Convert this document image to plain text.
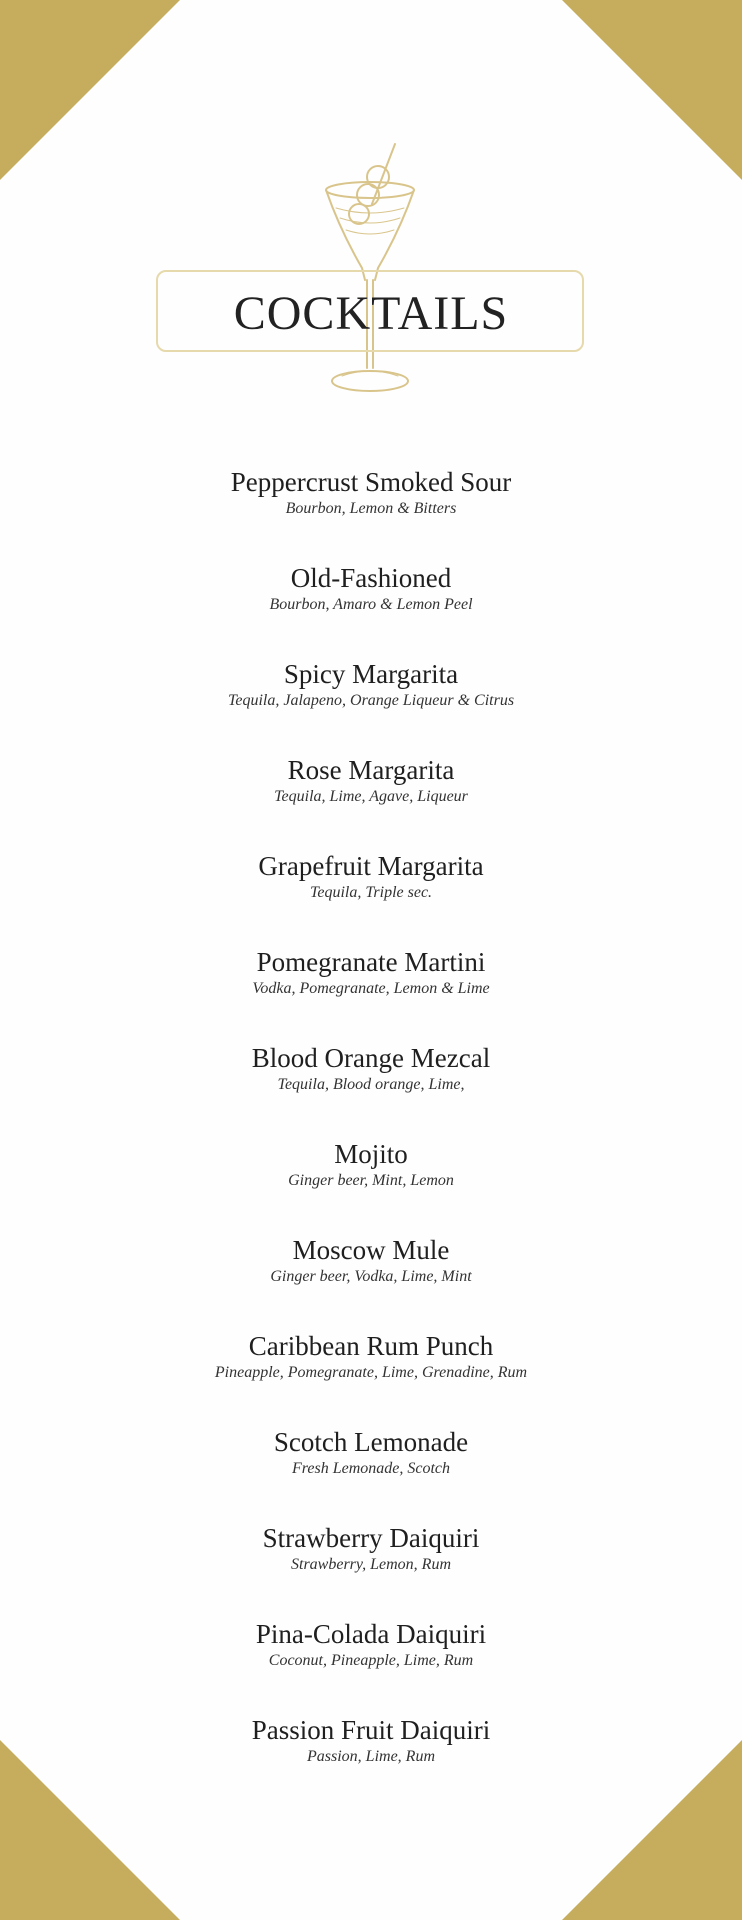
COCKTAILS
Peppercrust Smoked Sour
Bourbon, Lemon & Bitters
Old-Fashioned
Bourbon, Amaro & Lemon Peel
Spicy Margarita
Tequila, Jalapeno, Orange Liqueur & Citrus
Rose Margarita
Tequila, Lime, Agave, Liqueur
Grapefruit Margarita
Tequila, Triple sec.
Pomegranate Martini
Vodka, Pomegranate, Lemon & Lime
Blood Orange Mezcal
Tequila, Blood orange, Lime,
Mojito
Ginger beer, Mint, Lemon
Moscow Mule
Ginger beer, Vodka, Lime, Mint
Caribbean Rum Punch
Pineapple, Pomegranate, Lime, Grenadine, Rum
Scotch Lemonade
Fresh Lemonade, Scotch
Strawberry Daiquiri
Strawberry, Lemon, Rum
Pina-Colada Daiquiri
Coconut, Pineapple, Lime, Rum
Passion Fruit Daiquiri
Passion, Lime, Rum
